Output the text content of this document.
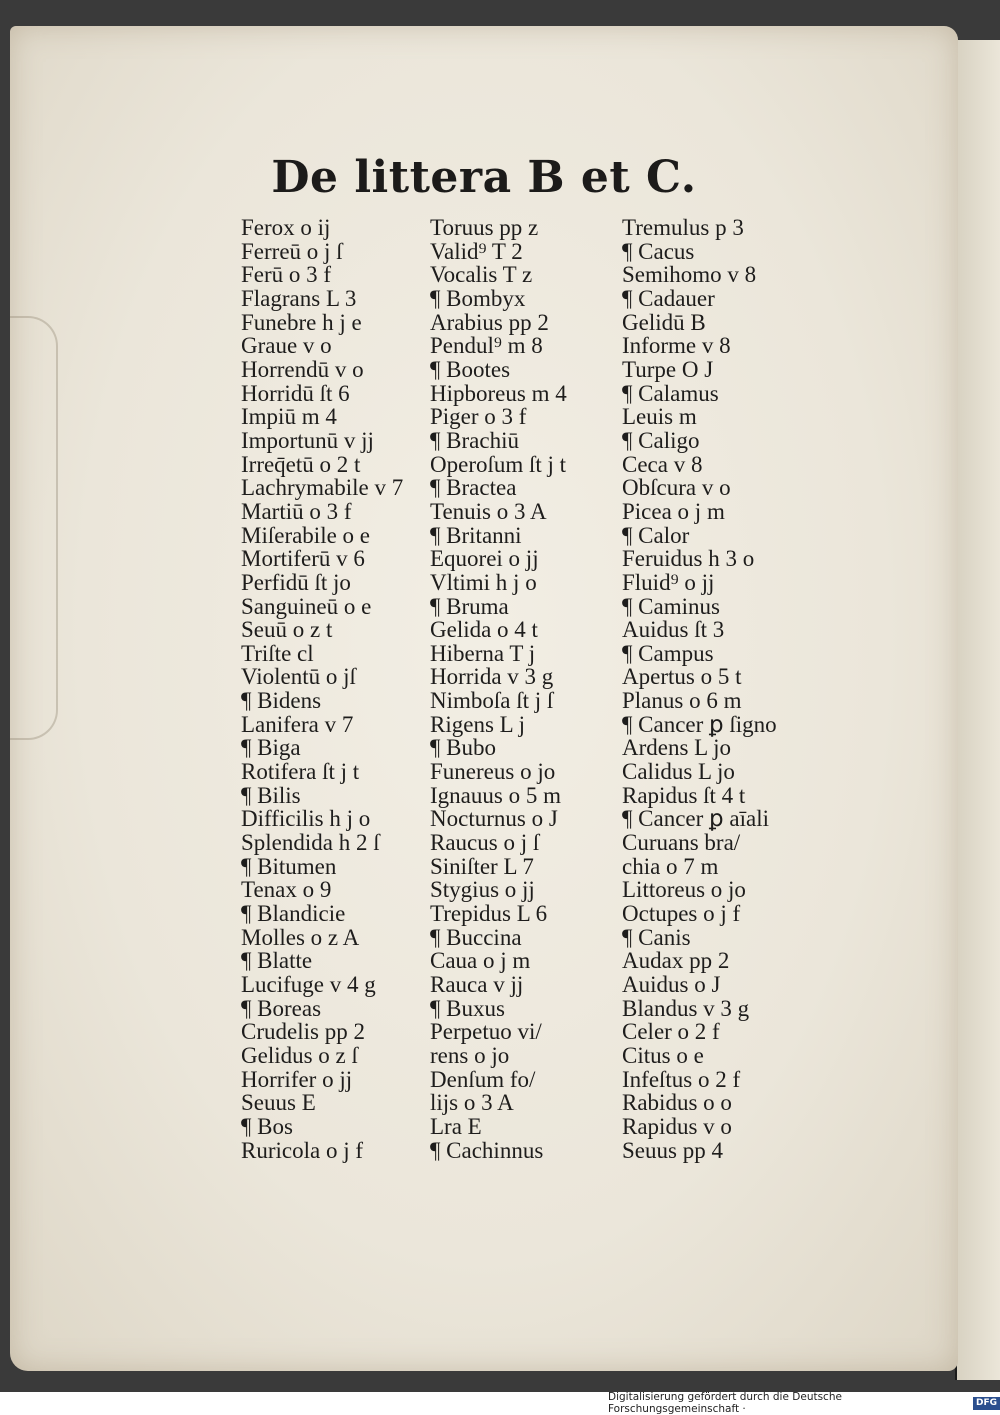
De littera B et C.
Ferox o ij
Ferreū o j ſ
Ferū o 3 f
Flagrans L 3
Funebre h j e
Graue v o
Horrendū v o
Horridū ſt 6
Impiū m 4
Importunū v jj
Irreq̄etū o 2 t
Lachrymabile v 7
Martiū o 3 f
Miſerabile o e
Mortiferū v 6
Perfidū ſt jo
Sanguineū o e
Seuū o z t
Triſte cl
Violentū o jſ
¶ Bidens
Lanifera v 7
¶ Biga
Rotifera ſt j t
¶ Bilis
Difficilis h j o
Splendida h 2 ſ
¶ Bitumen
Tenax o 9
¶ Blandicie
Molles o z A
¶ Blatte
Lucifuge v 4 g
¶ Boreas
Crudelis pp 2
Gelidus o z ſ
Horrifer o jj
Seuus E
¶ Bos
Ruricola o j f
Toruus pp z
Valid⁹ T 2
Vocalis T z
¶ Bombyx
Arabius pp 2
Pendul⁹ m 8
¶ Bootes
Hipboreus m 4
Piger o 3 f
¶ Brachiū
Operoſum ſt j t
¶ Bractea
Tenuis o 3 A
¶ Britanni
Equorei o jj
Vltimi h j o
¶ Bruma
Gelida o 4 t
Hiberna T j
Horrida v 3 g
Nimboſa ſt j ſ
Rigens L j
¶ Bubo
Funereus o jo
Ignauus o 5 m
Nocturnus o J
Raucus o j ſ
Siniſter L 7
Stygius o jj
Trepidus L 6
¶ Buccina
Caua o j m
Rauca v jj
¶ Buxus
Perpetuo vi/
rens o jo
Denſum fo/
lijs o 3 A
Lra E
¶ Cachinnus
Tremulus p 3
¶ Cacus
Semihomo v 8
¶ Cadauer
Gelidū B
Informe v 8
Turpe O J
¶ Calamus
Leuis m
¶ Caligo
Ceca v 8
Obſcura v o
Picea o j m
¶ Calor
Feruidus h 3 o
Fluid⁹ o jj
¶ Caminus
Auidus ſt 3
¶ Campus
Apertus o 5 t
Planus o 6 m
¶ Cancer ꝑ ſigno
Ardens L jo
Calidus L jo
Rapidus ſt 4 t
¶ Cancer ꝑ aīali
Curuans bra/
chia o 7 m
Littoreus o jo
Octupes o j f
¶ Canis
Audax pp 2
Auidus o J
Blandus v 3 g
Celer o 2 f
Citus o e
Infeſtus o 2 f
Rabidus o o
Rapidus v o
Seuus pp 4
Digitalisierung gefördert durch die Deutsche Forschungsgemeinschaft ·
DFG
